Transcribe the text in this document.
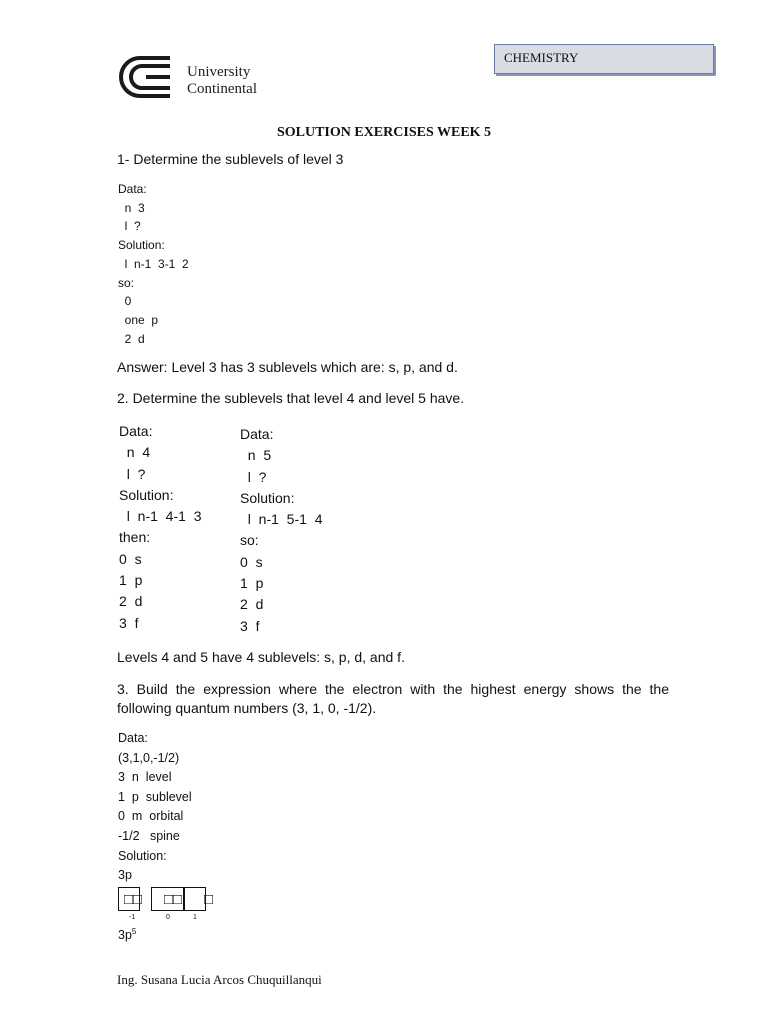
University
Continental
CHEMISTRY
SOLUTION EXERCISES WEEK 5
1- Determine the sublevels of level 3
Data:
n  3
l  ?
Solution:
l  n-1  3-1  2
so:
0
one  p
2  d
Answer: Level 3 has 3 sublevels which are: s, p, and d.
2. Determine the sublevels that level 4 and level 5 have.
Data:
n  4
l  ?
Solution:
l  n-1  4-1  3
then:
0  s
1  p
2  d
3  f
Data:
n  5
l  ?
Solution:
l  n-1  5-1  4
so:
0  s
1  p
2  d
3  f
Levels 4 and 5 have 4 sublevels: s, p, d, and f.
3. Build the expression where the electron with the highest energy shows the the following quantum numbers (3, 1, 0, -1/2).
Data:
(3,1,0,-1/2)
3  n  level
1  p  sublevel
0  m  orbital
-1/2   spine
Solution:
3p
□□ □□ □
-1	0	1
$3p^5$
Ing. Susana Lucia Arcos Chuquillanqui
